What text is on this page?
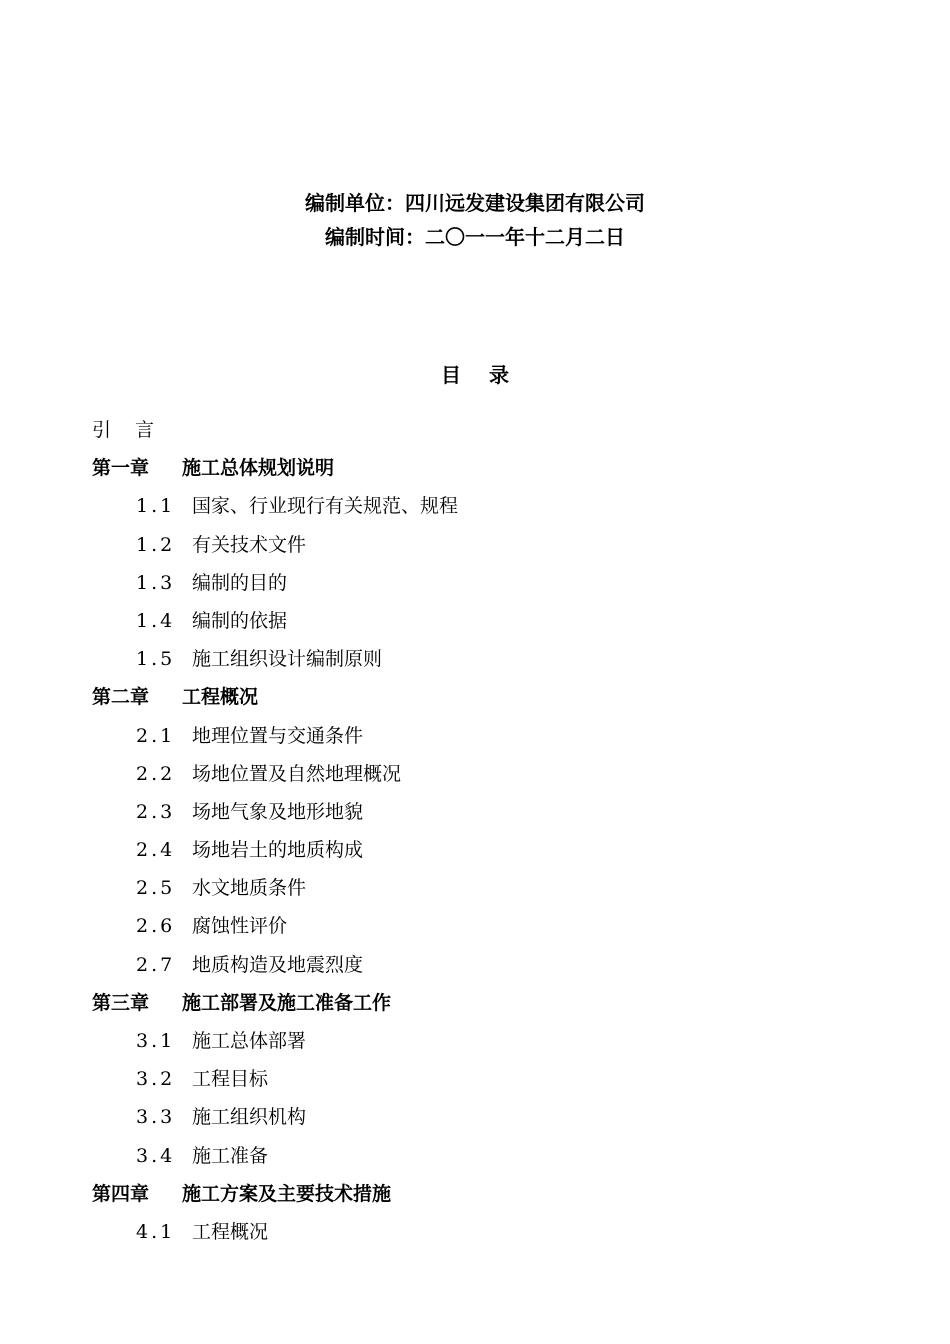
编制单位：四川远发建设集团有限公司
编制时间：二〇一一年十二月二日
目录
引言
第一章 施工总体规划说明
1.1 国家、行业现行有关规范、规程
1.2 有关技术文件
1.3 编制的目的
1.4 编制的依据
1.5 施工组织设计编制原则
第二章 工程概况
2.1 地理位置与交通条件
2.2 场地位置及自然地理概况
2.3 场地气象及地形地貌
2.4 场地岩土的地质构成
2.5 水文地质条件
2.6 腐蚀性评价
2.7 地质构造及地震烈度
第三章 施工部署及施工准备工作
3.1 施工总体部署
3.2 工程目标
3.3 施工组织机构
3.4 施工准备
第四章 施工方案及主要技术措施
4.1 工程概况
